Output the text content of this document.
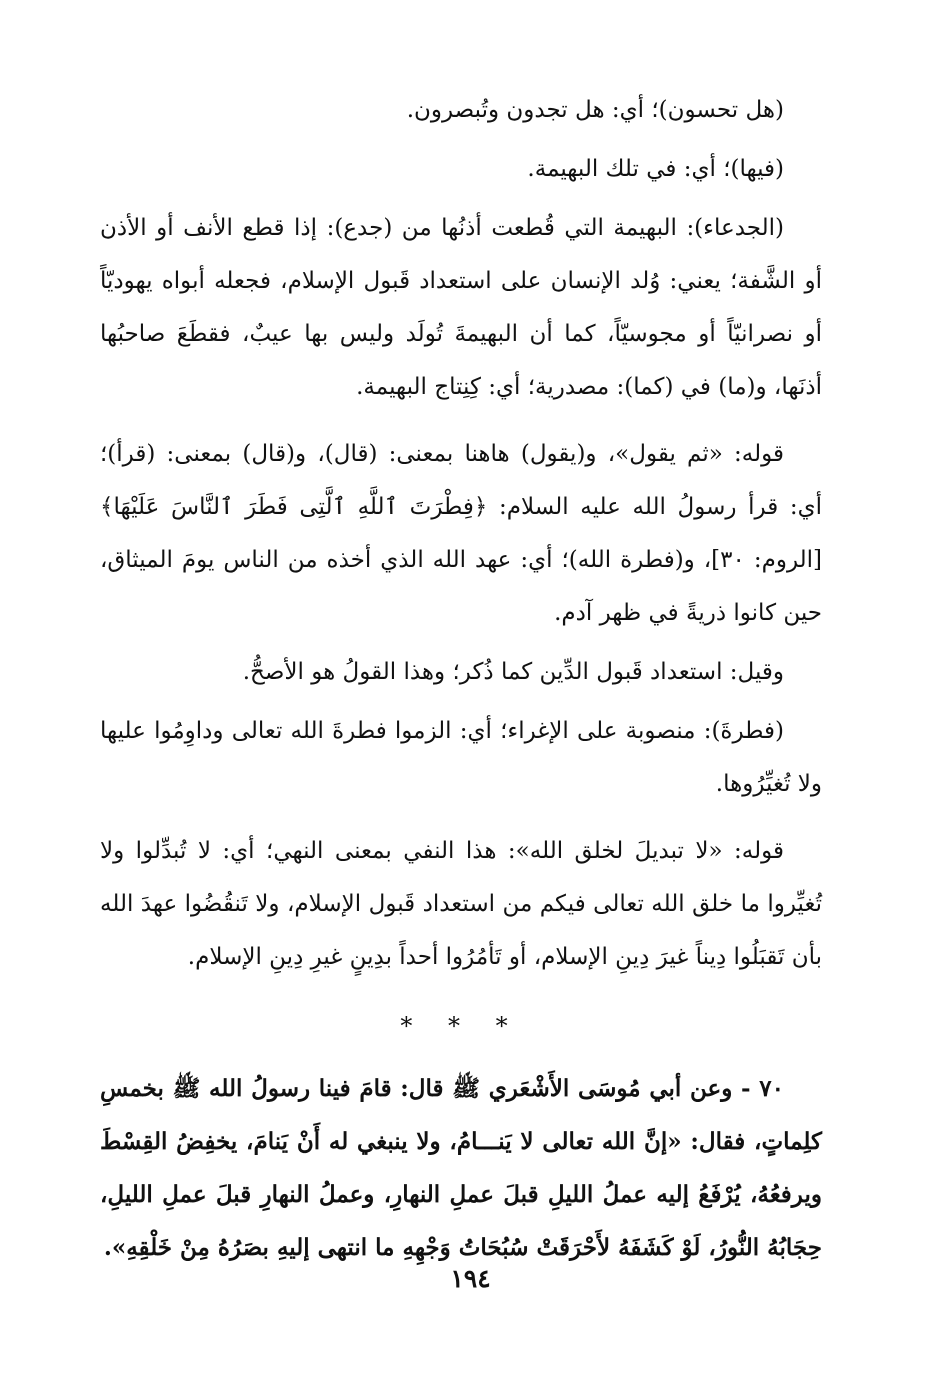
(هل تحسون)؛ أي: هل تجدون وتُبصرون.

(فيها)؛ أي: في تلك البهيمة.

(الجدعاء): البهيمة التي قُطعت أذنُها من (جدع): إذا قطع الأنف أو الأذن أو الشَّفة؛ يعني: وُلد الإنسان على استعداد قَبول الإسلام، فجعله أبواه يهوديّاً أو نصرانيّاً أو مجوسيّاً، كما أن البهيمةَ تُولَد وليس بها عيبٌ، فقطَعَ صاحبُها أذنَها، و(ما) في (كما): مصدرية؛ أي: كِنِتاج البهيمة.

قوله: «ثم يقول»، و(يقول) هاهنا بمعنى: (قال)، و(قال) بمعنى: (قرأ)؛ أي: قرأ رسولُ الله عليه السلام: ﴿فِطْرَتَ ٱللَّهِ ٱلَّتِى فَطَرَ ٱلنَّاسَ عَلَيْهَا﴾[الروم: ٣٠]، و(فطرة الله)؛ أي: عهد الله الذي أخذه من الناس يومَ الميثاق، حين كانوا ذريةً في ظهر آدم.

وقيل: استعداد قَبول الدِّين كما ذُكر؛ وهذا القولُ هو الأصحُّ.

(فطرةَ): منصوبة على الإغراء؛ أي: الزموا فطرةَ الله تعالى وداوِمُوا عليها ولا تُغيِّرُوها.

قوله: «لا تبديلَ لخلق الله»: هذا النفي بمعنى النهي؛ أي: لا تُبدِّلوا ولا تُغيِّروا ما خلق الله تعالى فيكم من استعداد قَبول الإسلام، ولا تَنقُضُوا عهدَ الله بأن تَقبَلُوا دِيناً غيرَ دِينِ الإسلام، أو تَأمُرُوا أحداً بدِينٍ غيرِ دِينِ الإسلام.

* * *

٧٠ - وعن أبي مُوسَى الأَشْعَري ﷺ قال: قامَ فينا رسولُ الله ﷺ بخمسِ كلِماتٍ، فقال: «إنَّ الله تعالى لا يَنـــامُ، ولا ينبغي له أَنْ يَنامَ، يخفِضُ القِسْطَ ويرفعُهُ، يُرْفَعُ إليه عملُ الليلِ قبلَ عملِ النهارِ، وعملُ النهارِ قبلَ عملِ الليلِ، حِجَابُهُ النُّورُ، لَوْ كَشَفَهُ لأَحْرَقَتْ سُبُحَاتُ وَجْهِهِ ما انتهى إليهِ بصَرُهُ مِنْ خَلْقِهِ».

١٩٤
